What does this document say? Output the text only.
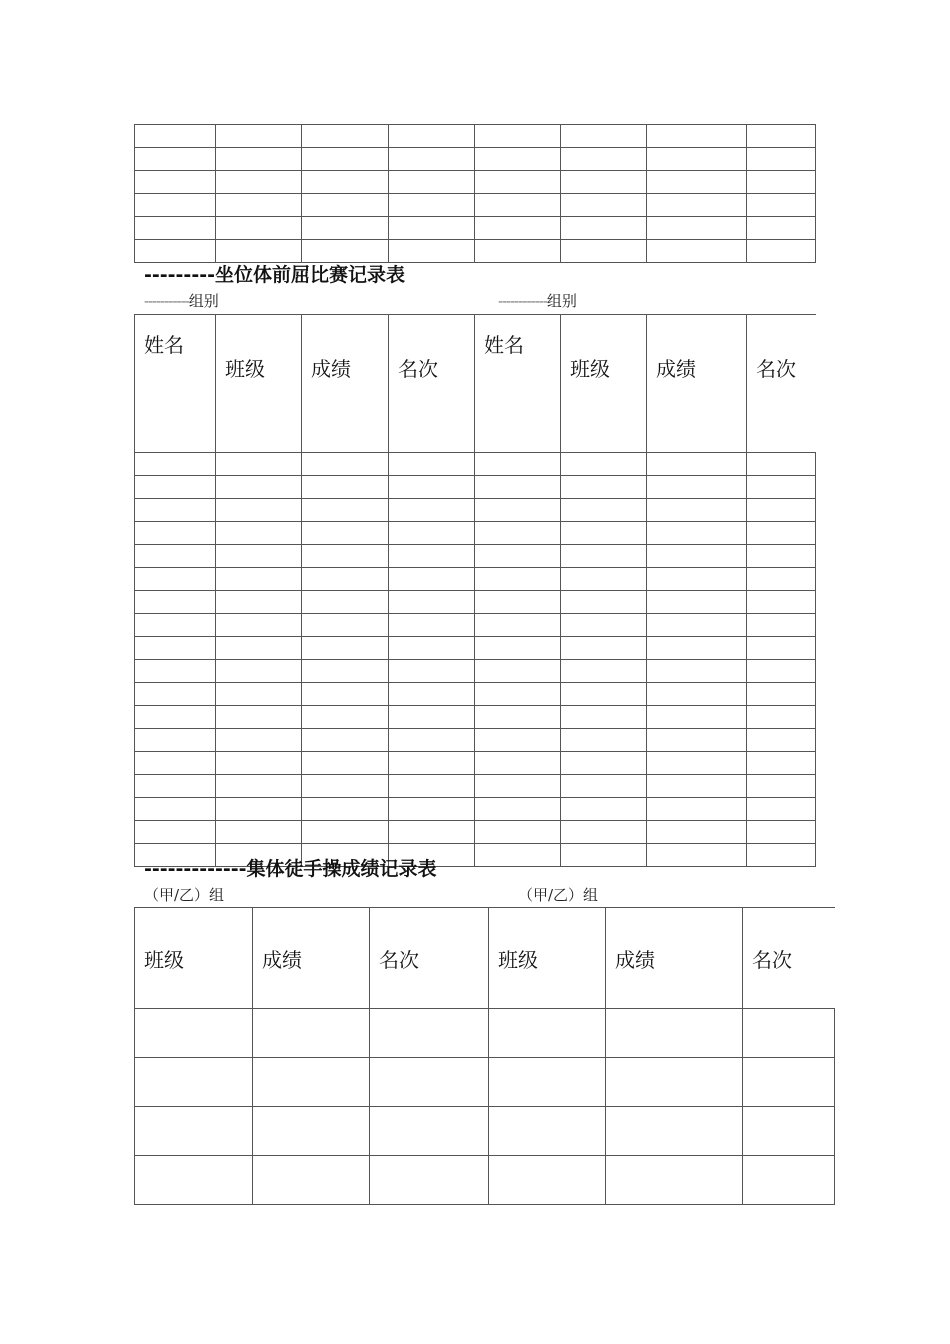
---------坐位体前屈比赛记录表
-----------组别	------------组别
姓名	班级	成绩	名次	姓名	班级	成绩	名次

-------------集体徒手操成绩记录表
（甲/乙）组	（甲/乙）组
班级	成绩	名次	班级	成绩	名次
